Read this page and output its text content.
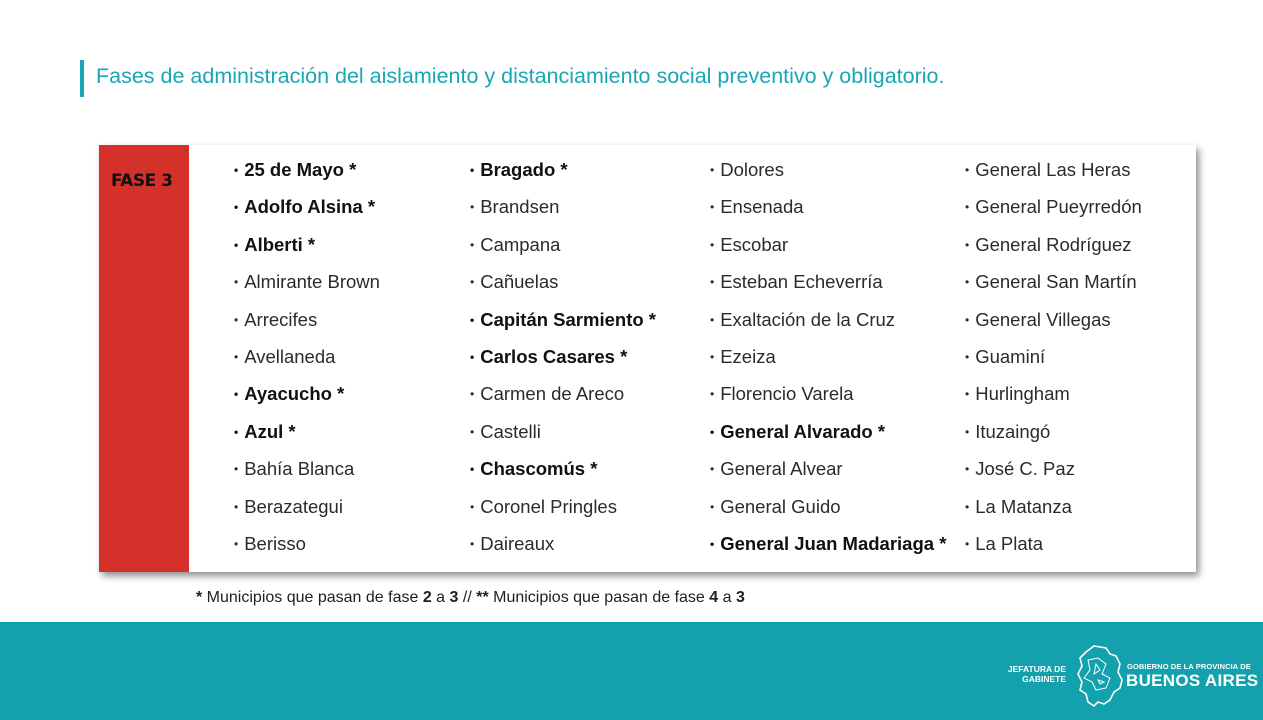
Fases de administración del aislamiento y distanciamiento social preventivo y obligatorio.
FASE 3
• 25 de Mayo *
• Adolfo Alsina *
• Alberti *
• Almirante Brown
• Arrecifes
• Avellaneda
• Ayacucho *
• Azul *
• Bahía Blanca
• Berazategui
• Berisso
• Bragado *
• Brandsen
• Campana
• Cañuelas
• Capitán Sarmiento *
• Carlos Casares *
• Carmen de Areco
• Castelli
• Chascomús *
• Coronel Pringles
• Daireaux
• Dolores
• Ensenada
• Escobar
• Esteban Echeverría
• Exaltación de la Cruz
• Ezeiza
• Florencio Varela
• General Alvarado *
• General Alvear
• General Guido
• General Juan Madariaga *
• General Las Heras
• General Pueyrredón
• General Rodríguez
• General San Martín
• General Villegas
• Guaminí
• Hurlingham
• Ituzaingó
• José C. Paz
• La Matanza
• La Plata
* Municipios que pasan de fase 2 a 3 // ** Municipios que pasan de fase 4 a 3
JEFATURA DE
GABINETE
GOBIERNO DE LA PROVINCIA DE
BUENOS AIRES
